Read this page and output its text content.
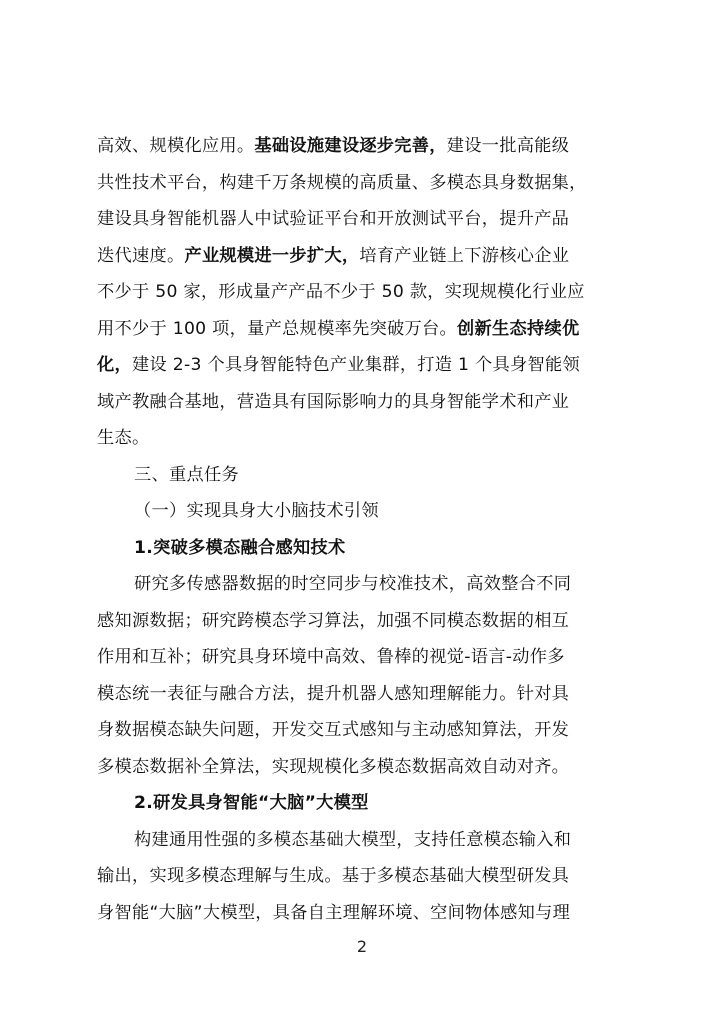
高效、规模化应用。基础设施建设逐步完善，建设一批高能级
共性技术平台，构建千万条规模的高质量、多模态具身数据集，
建设具身智能机器人中试验证平台和开放测试平台，提升产品
迭代速度。产业规模进一步扩大，培育产业链上下游核心企业
不少于 50 家，形成量产产品不少于 50 款，实现规模化行业应
用不少于 100 项，量产总规模率先突破万台。创新生态持续优
化，建设 2-3 个具身智能特色产业集群，打造 1 个具身智能领
域产教融合基地，营造具有国际影响力的具身智能学术和产业
生态。
三、重点任务
（一）实现具身大小脑技术引领
1.突破多模态融合感知技术
研究多传感器数据的时空同步与校准技术，高效整合不同
感知源数据；研究跨模态学习算法，加强不同模态数据的相互
作用和互补；研究具身环境中高效、鲁棒的视觉-语言-动作多
模态统一表征与融合方法，提升机器人感知理解能力。针对具
身数据模态缺失问题，开发交互式感知与主动感知算法，开发
多模态数据补全算法，实现规模化多模态数据高效自动对齐。
2.研发具身智能“大脑”大模型
构建通用性强的多模态基础大模型，支持任意模态输入和
输出，实现多模态理解与生成。基于多模态基础大模型研发具
身智能“大脑”大模型，具备自主理解环境、空间物体感知与理
2
